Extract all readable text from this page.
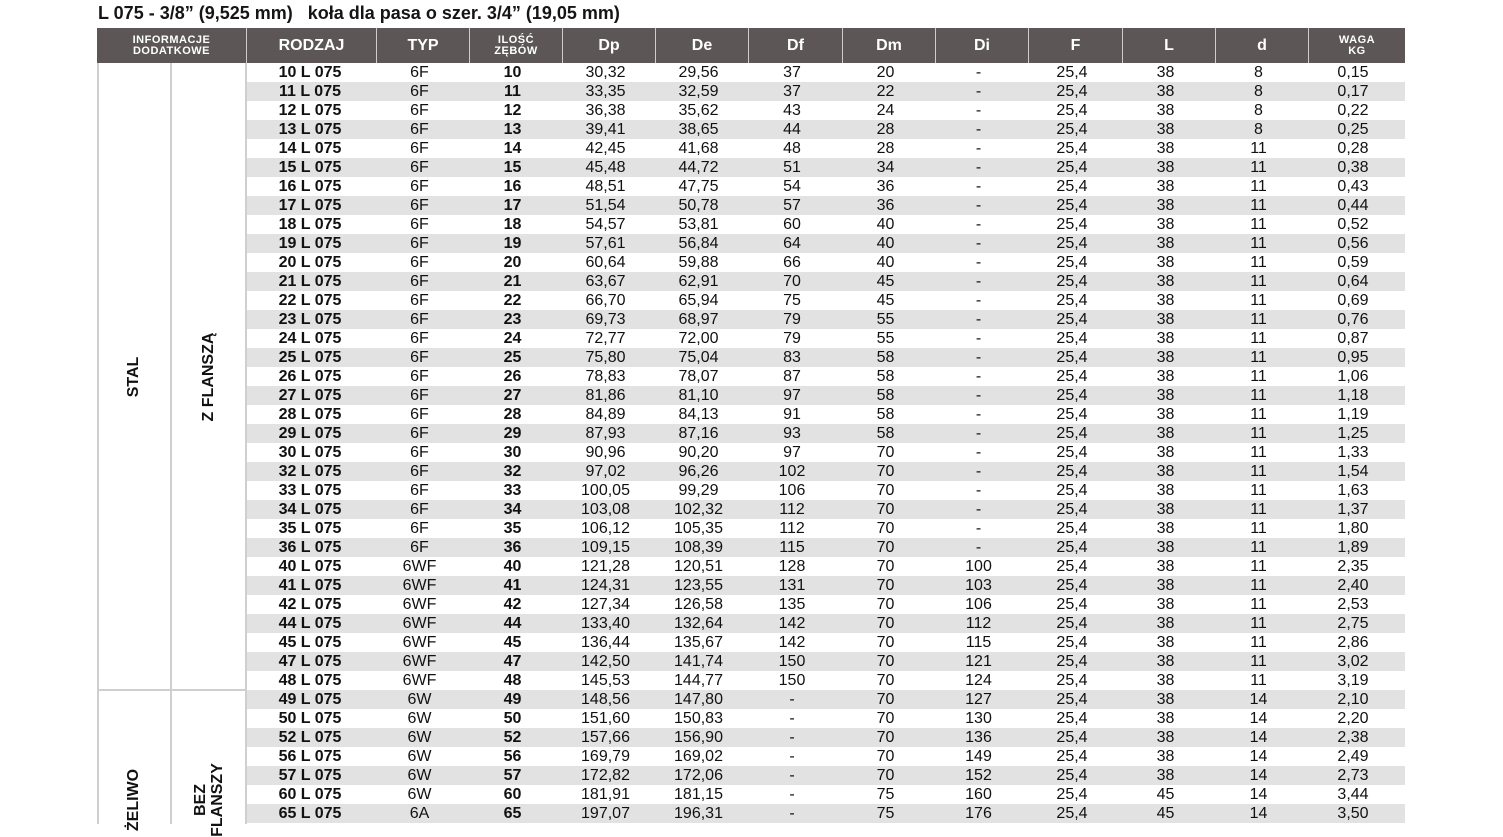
L 075 - 3/8” (9,525 mm)   koła dla pasa o szer. 3/4” (19,05 mm)
INFORMACJE
DODATKOWE	RODZAJ	TYP	ILOŚĆ
ZĘBÓW	Dp	De	Df	Dm	Di	F	L	d	WAGA
KG
STAL	Z FLANSZĄ
ŻELIWO	BEZ FLANSZY
10 L 075	6F	10	30,32	29,56	37	20	-	25,4	38	8	0,15
11 L 075	6F	11	33,35	32,59	37	22	-	25,4	38	8	0,17
12 L 075	6F	12	36,38	35,62	43	24	-	25,4	38	8	0,22
13 L 075	6F	13	39,41	38,65	44	28	-	25,4	38	8	0,25
14 L 075	6F	14	42,45	41,68	48	28	-	25,4	38	11	0,28
15 L 075	6F	15	45,48	44,72	51	34	-	25,4	38	11	0,38
16 L 075	6F	16	48,51	47,75	54	36	-	25,4	38	11	0,43
17 L 075	6F	17	51,54	50,78	57	36	-	25,4	38	11	0,44
18 L 075	6F	18	54,57	53,81	60	40	-	25,4	38	11	0,52
19 L 075	6F	19	57,61	56,84	64	40	-	25,4	38	11	0,56
20 L 075	6F	20	60,64	59,88	66	40	-	25,4	38	11	0,59
21 L 075	6F	21	63,67	62,91	70	45	-	25,4	38	11	0,64
22 L 075	6F	22	66,70	65,94	75	45	-	25,4	38	11	0,69
23 L 075	6F	23	69,73	68,97	79	55	-	25,4	38	11	0,76
24 L 075	6F	24	72,77	72,00	79	55	-	25,4	38	11	0,87
25 L 075	6F	25	75,80	75,04	83	58	-	25,4	38	11	0,95
26 L 075	6F	26	78,83	78,07	87	58	-	25,4	38	11	1,06
27 L 075	6F	27	81,86	81,10	97	58	-	25,4	38	11	1,18
28 L 075	6F	28	84,89	84,13	91	58	-	25,4	38	11	1,19
29 L 075	6F	29	87,93	87,16	93	58	-	25,4	38	11	1,25
30 L 075	6F	30	90,96	90,20	97	70	-	25,4	38	11	1,33
32 L 075	6F	32	97,02	96,26	102	70	-	25,4	38	11	1,54
33 L 075	6F	33	100,05	99,29	106	70	-	25,4	38	11	1,63
34 L 075	6F	34	103,08	102,32	112	70	-	25,4	38	11	1,37
35 L 075	6F	35	106,12	105,35	112	70	-	25,4	38	11	1,80
36 L 075	6F	36	109,15	108,39	115	70	-	25,4	38	11	1,89
40 L 075	6WF	40	121,28	120,51	128	70	100	25,4	38	11	2,35
41 L 075	6WF	41	124,31	123,55	131	70	103	25,4	38	11	2,40
42 L 075	6WF	42	127,34	126,58	135	70	106	25,4	38	11	2,53
44 L 075	6WF	44	133,40	132,64	142	70	112	25,4	38	11	2,75
45 L 075	6WF	45	136,44	135,67	142	70	115	25,4	38	11	2,86
47 L 075	6WF	47	142,50	141,74	150	70	121	25,4	38	11	3,02
48 L 075	6WF	48	145,53	144,77	150	70	124	25,4	38	11	3,19
49 L 075	6W	49	148,56	147,80	-	70	127	25,4	38	14	2,10
50 L 075	6W	50	151,60	150,83	-	70	130	25,4	38	14	2,20
52 L 075	6W	52	157,66	156,90	-	70	136	25,4	38	14	2,38
56 L 075	6W	56	169,79	169,02	-	70	149	25,4	38	14	2,49
57 L 075	6W	57	172,82	172,06	-	70	152	25,4	38	14	2,73
60 L 075	6W	60	181,91	181,15	-	75	160	25,4	45	14	3,44
65 L 075	6A	65	197,07	196,31	-	75	176	25,4	45	14	3,50
